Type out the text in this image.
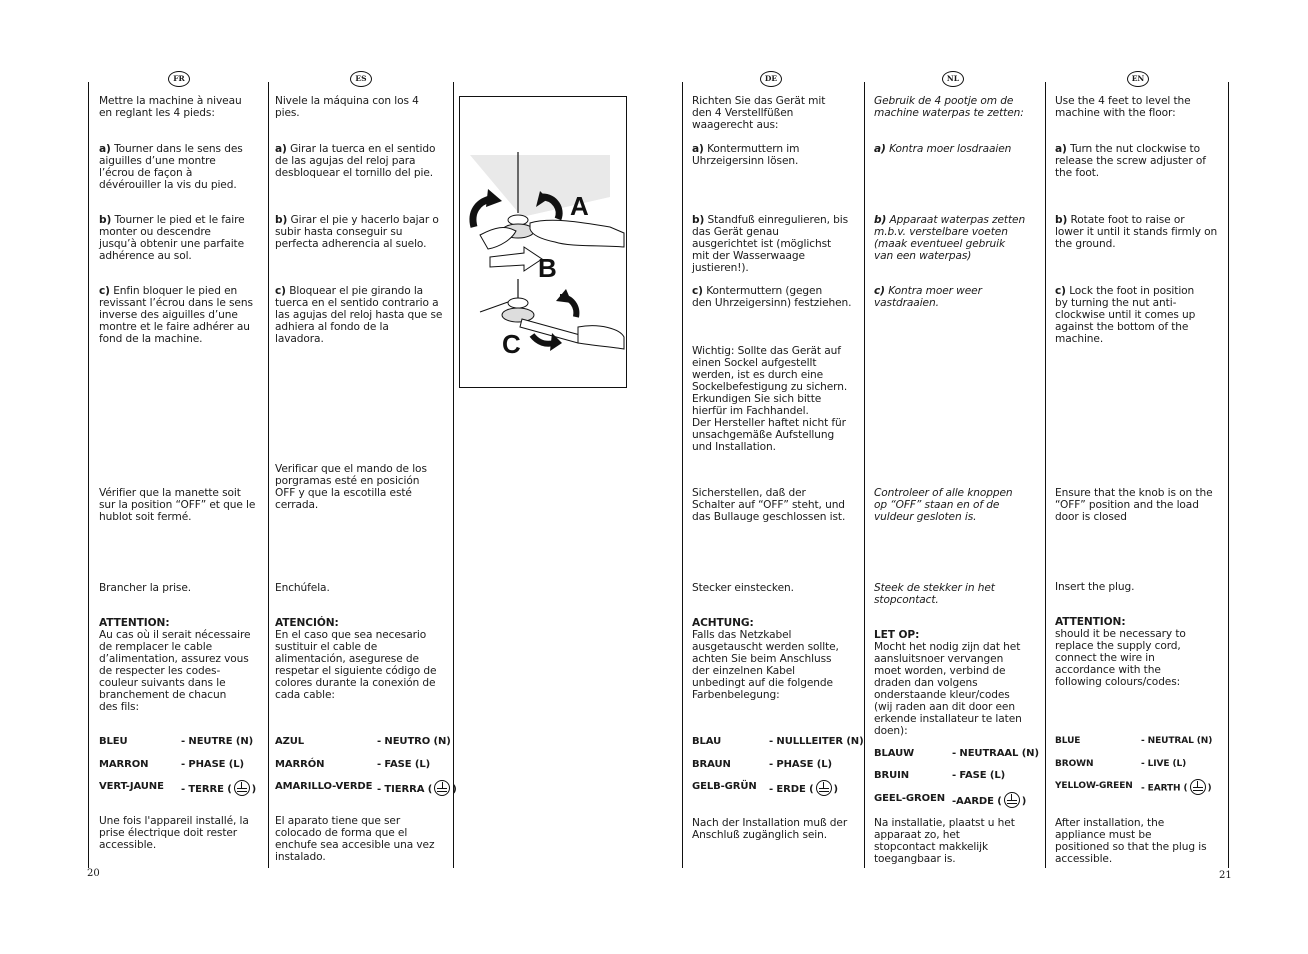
FR	ES	DE	NL	EN

Mettre la machine à niveau
en reglant les 4 pieds:

a) Tourner dans le sens des
aiguilles d’une montre
l’écrou de façon à
dévérouiller la vis du pied.

b) Tourner le pied et le faire
monter ou descendre
jusqu’à obtenir une parfaite
adhérence au sol.

c) Enfin bloquer le pied en
revissant l’écrou dans le sens
inverse des aiguilles d’une
montre et le faire adhérer au
fond de la machine.

Vérifier que la manette soit
sur la position “OFF” et que le
hublot soit fermé.

Brancher la prise.

ATTENTION:

Au cas où il serait nécessaire
de remplacer le cable
d’alimentation, assurez vous
de respecter les codes-
couleur suivants dans le
branchement de chacun
des fils:

BLEU	- NEUTRE (N)
MARRON	- PHASE (L)
VERT-JAUNE - TERRE ( )

Une fois l'appareil installé, la
prise électrique doit rester
accessible.

Nivele la máquina con los 4
pies.

a) Girar la tuerca en el sentido
de las agujas del reloj para
desbloquear el tornillo del pie.

b) Girar el pie y hacerlo bajar o
subir hasta conseguir su
perfecta adherencia al suelo.

c) Bloquear el pie girando la
tuerca en el sentido contrario a
las agujas del reloj hasta que se
adhiera al fondo de la
lavadora.

Verificar que el mando de los
porgramas esté en posición
OFF y que la escotilla esté
cerrada.

Enchúfela.

ATENCIÓN:

En el caso que sea necesario
sustituir el cable de
alimentación, asegurese de
respetar el siguiente código de
colores durante la conexión de
cada cable:

AZUL	- NEUTRO (N)
MARRÓN	- FASE (L)
AMARILLO-VERDE - TIERRA ( )

El aparato tiene que ser
colocado de forma que el
enchufe sea accesible una vez
instalado.

A
B
C

Richten Sie das Gerät mit
den 4 Verstellfüßen
waagerecht aus:

a) Kontermuttern im
Uhrzeigersinn lösen.

b) Standfuß einregulieren, bis
das Gerät genau
ausgerichtet ist (möglichst
mit der Wasserwaage
justieren!).

c) Kontermuttern (gegen
den Uhrzeigersinn) festziehen.

Wichtig: Sollte das Gerät auf
einen Sockel aufgestellt
werden, ist es durch eine
Sockelbefestigung zu sichern.
Erkundigen Sie sich bitte
hierfür im Fachhandel.
Der Hersteller haftet nicht für
unsachgemäße Aufstellung
und Installation.

Sicherstellen, daß der
Schalter auf “OFF” steht, und
das Bullauge geschlossen ist.

Stecker einstecken.

ACHTUNG:

Falls das Netzkabel
ausgetauscht werden sollte,
achten Sie beim Anschluss
der einzelnen Kabel
unbedingt auf die folgende
Farbenbelegung:

BLAU	- NULLLEITER (N)
BRAUN	- PHASE (L)
GELB-GRÜN - ERDE ( )

Nach der Installation muß der
Anschluß zugänglich sein.

Gebruik de 4 pootje om de
machine waterpas te zetten:

a) Kontra moer losdraaien

b) Apparaat waterpas zetten
m.b.v. verstelbare voeten
(maak eventueel gebruik
van een waterpas)

c) Kontra moer weer
vastdraaien.

Controleer of alle knoppen
op “OFF” staan en of de
vuldeur gesloten is.

Steek de stekker in het
stopcontact.

LET OP:

Mocht het nodig zijn dat het
aansluitsnoer vervangen
moet worden, verbind de
draden dan volgens
onderstaande kleur/codes
(wij raden aan dit door een
erkende installateur te laten
doen):

BLAUW	- NEUTRAAL (N)
BRUIN	- FASE (L)
GEEL-GROEN -AARDE ( )

Na installatie, plaatst u het
apparaat zo, het
stopcontact makkelijk
toegangbaar is.

Use the 4 feet to level the
machine with the floor:

a) Turn the nut clockwise to
release the screw adjuster of
the foot.

b) Rotate foot to raise or
lower it until it stands firmly on
the ground.

c) Lock the foot in position
by turning the nut anti-
clockwise until it comes up
against the bottom of the
machine.

Ensure that the knob is on the
“OFF” position and the load
door is closed

Insert the plug.

ATTENTION:

should it be necessary to
replace the supply cord,
connect the wire in
accordance with the
following colours/codes:

BLUE	- NEUTRAL (N)
BROWN	- LIVE (L)
YELLOW-GREEN - EARTH ( )

After installation, the
appliance must be
positioned so that the plug is
accessible.

20	21
